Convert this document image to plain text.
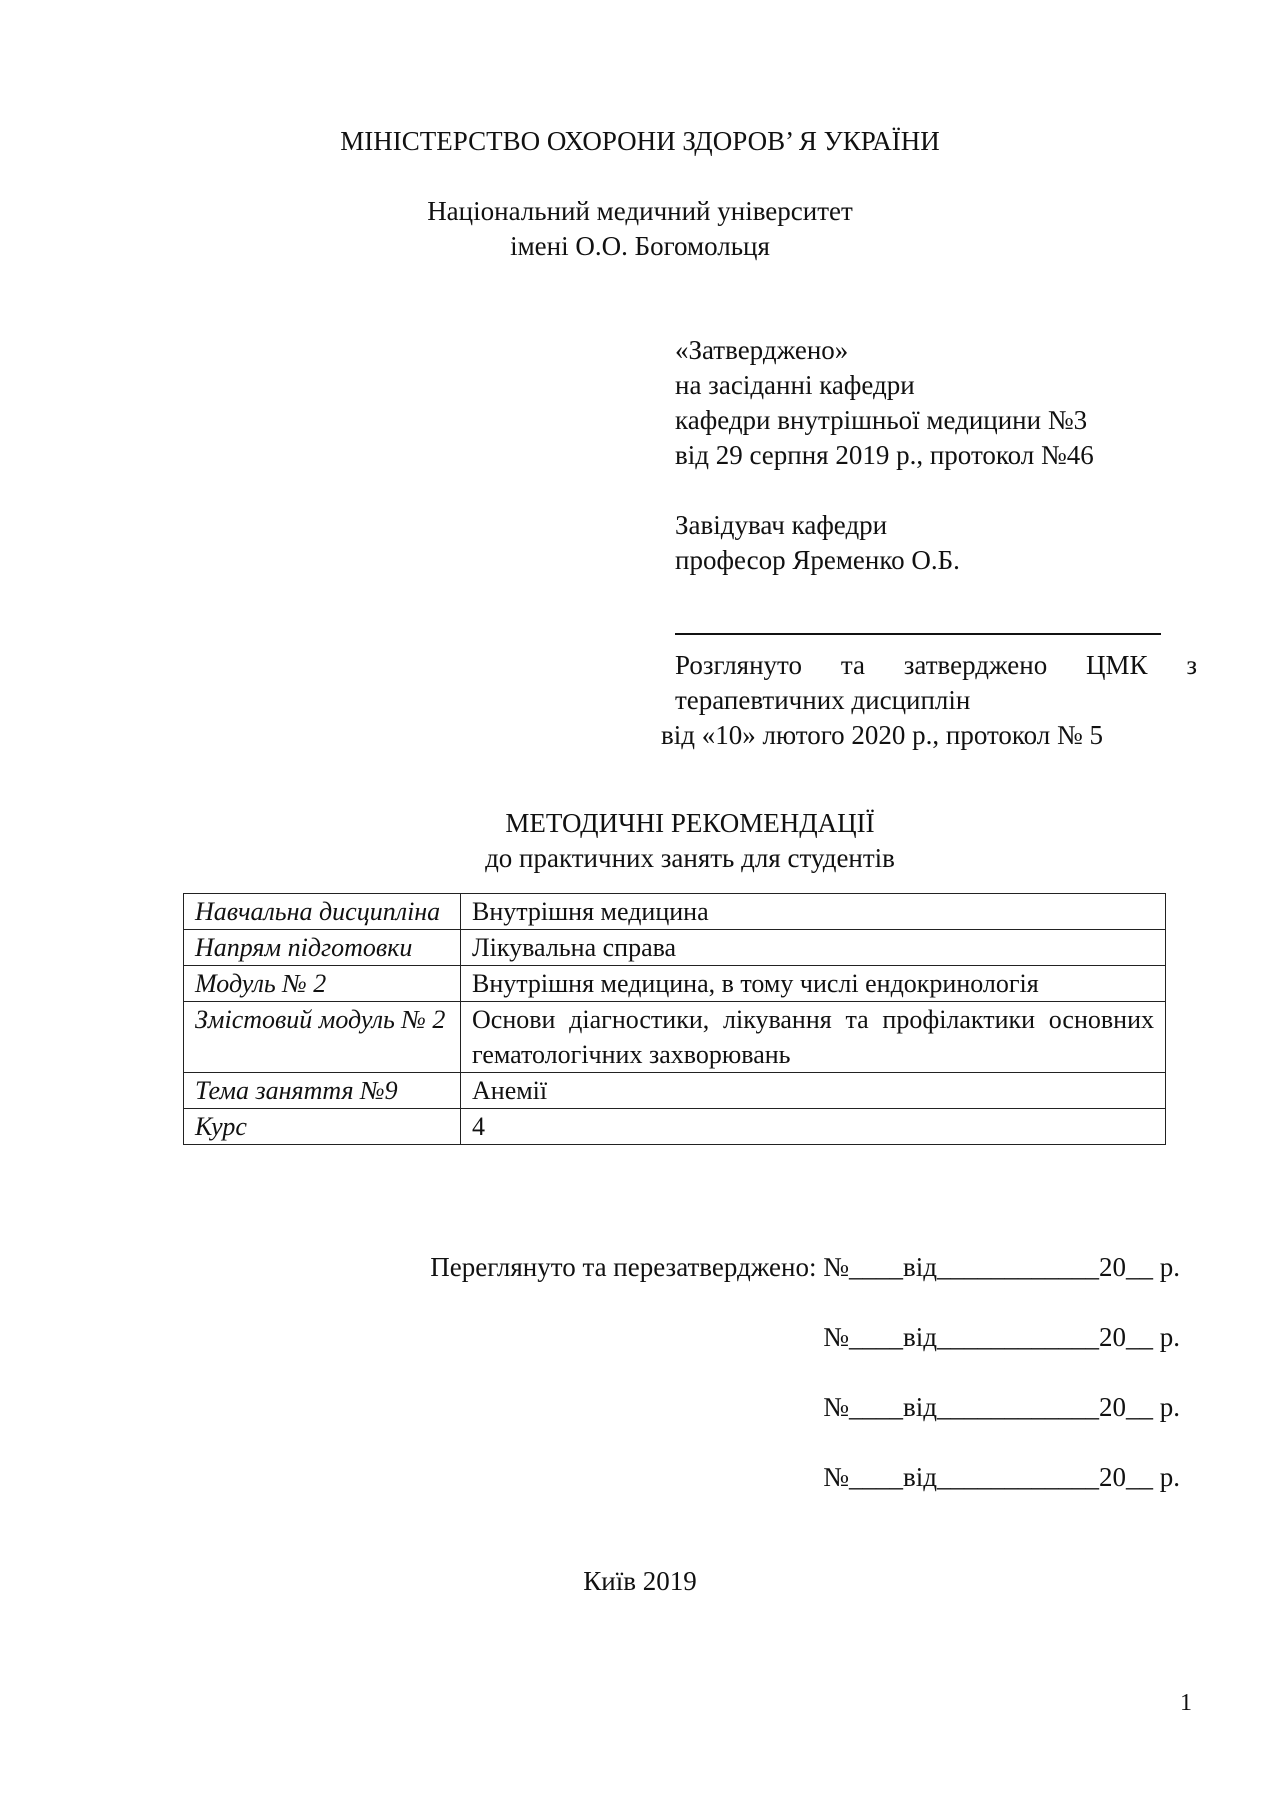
МІНІСТЕРСТВО ОХОРОНИ ЗДОРОВ’ Я УКРАЇНИ
Національний медичний університет
імені О.О. Богомольця
«Затверджено»
на засіданні кафедри
кафедри внутрішньої медицини №3
від 29 серпня 2019 р., протокол №46
Завідувач кафедри
професор Яременко О.Б.
Розглянуто та затверджено ЦМК з
терапевтичних дисциплін
від «10» лютого 2020 р., протокол № 5
МЕТОДИЧНІ РЕКОМЕНДАЦІЇ
до практичних занять для студентів
Навчальна дисципліна	Внутрішня медицина
Напрям підготовки	Лікувальна справа
Модуль № 2	Внутрішня медицина, в тому числі ендокринологія
Змістовий модуль № 2	Основи діагностики, лікування та профілактики основних гематологічних захворювань
Тема заняття №9	Анемії
Курс	4
Переглянуто та перезатверджено: №____від____________20__ р.
№____від____________20__ р.
№____від____________20__ р.
№____від____________20__ р.
Київ 2019
1
